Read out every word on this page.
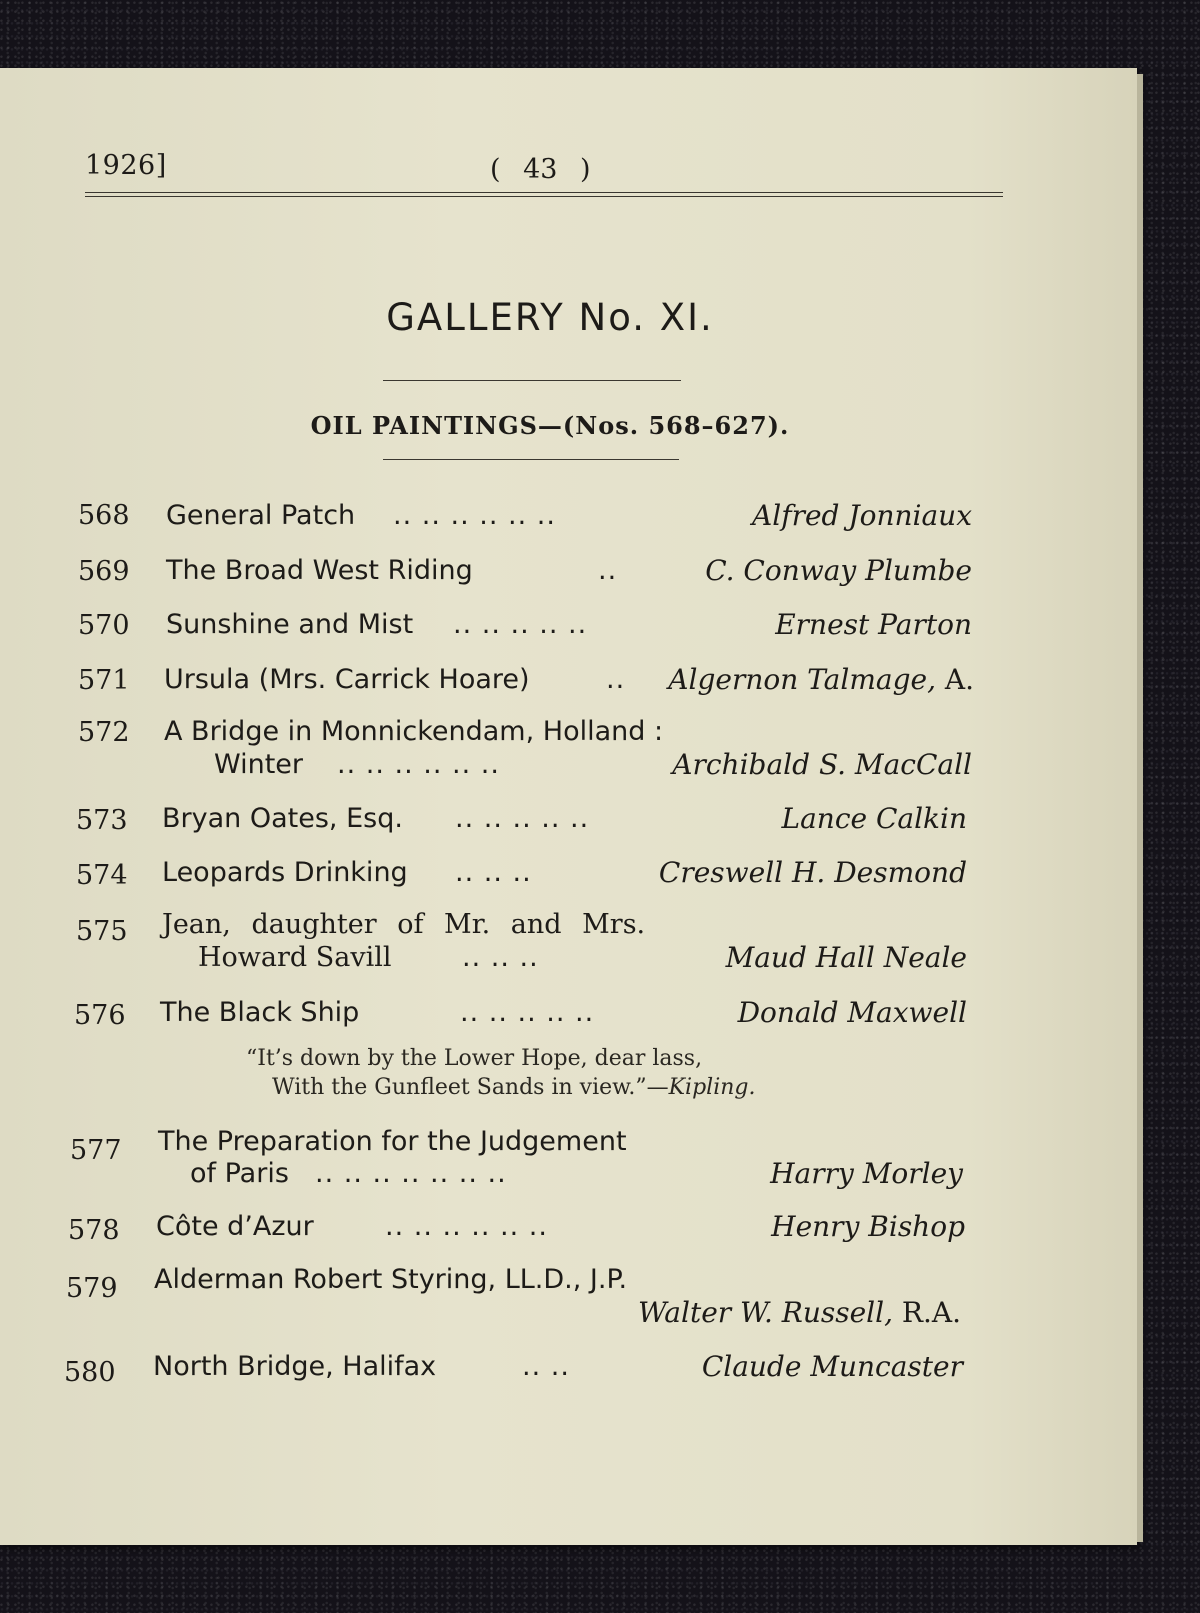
1926]	( 43 )
GALLERY No. XI.
OIL PAINTINGS—(Nos. 568–627).
568 General Patch .. .. .. .. .. ..	Alfred Jonniaux
569 The Broad West Riding	..	C. Conway Plumbe
570 Sunshine and Mist .. .. .. .. ..	Ernest Parton
571 Ursula (Mrs. Carrick Hoare)	.. Algernon Talmage, A.
572 A Bridge in Monnickendam, Holland :
Winter .. .. .. .. .. ..	Archibald S. MacCall
573 Bryan Oates, Esq. .. .. .. .. ..	Lance Calkin
574 Leopards Drinking .. .. ..	Creswell H. Desmond
575 Jean, daughter of Mr. and Mrs.
Howard Savill	.. .. ..	Maud Hall Neale
576 The Black Ship	.. .. .. .. ..	Donald Maxwell
“It’s down by the Lower Hope, dear lass,
With the Gunfleet Sands in view.”—Kipling.
577 The Preparation for the Judgement
of Paris .. .. .. .. .. .. ..	Harry Morley
578 Côte d’Azur	.. .. .. .. .. ..	Henry Bishop
579 Alderman Robert Styring, LL.D., J.P.
Walter W. Russell, R.A.
580 North Bridge, Halifax	.. ..	Claude Muncaster
